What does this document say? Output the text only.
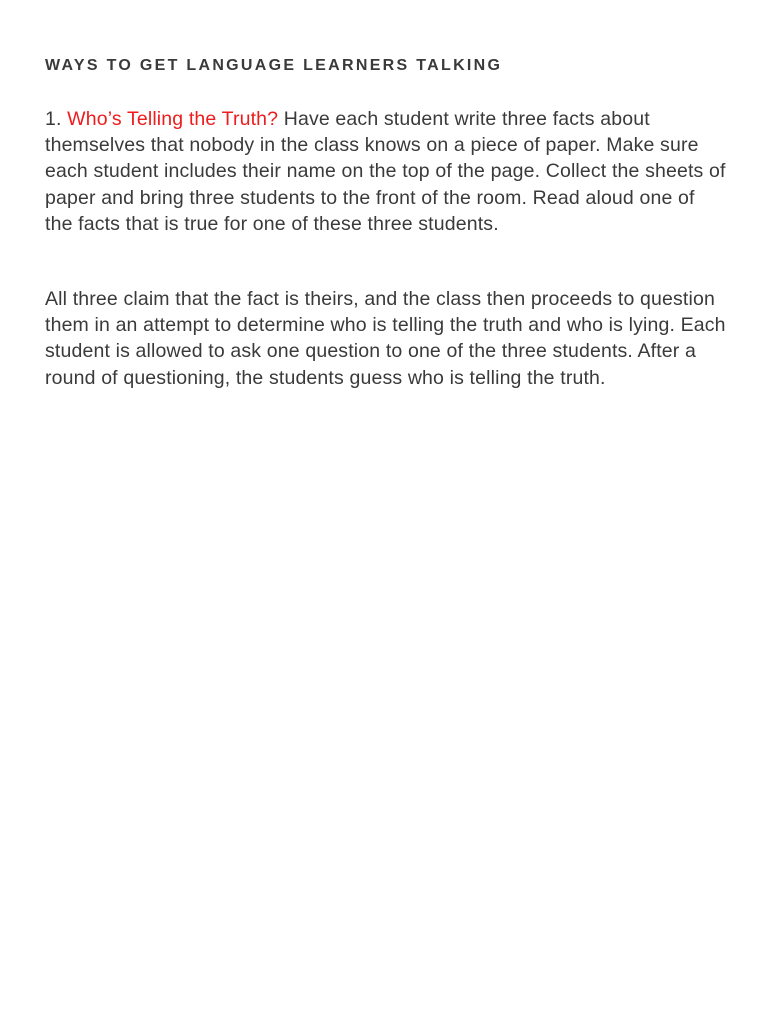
WAYS TO GET LANGUAGE LEARNERS TALKING

1. Who’s Telling the Truth? Have each student write three facts about themselves that nobody in the class knows on a piece of paper. Make sure each student includes their name on the top of the page. Collect the sheets of paper and bring three students to the front of the room. Read aloud one of the facts that is true for one of these three students.

All three claim that the fact is theirs, and the class then proceeds to question them in an attempt to determine who is telling the truth and who is lying. Each student is allowed to ask one question to one of the three students. After a round of questioning, the students guess who is telling the truth.
